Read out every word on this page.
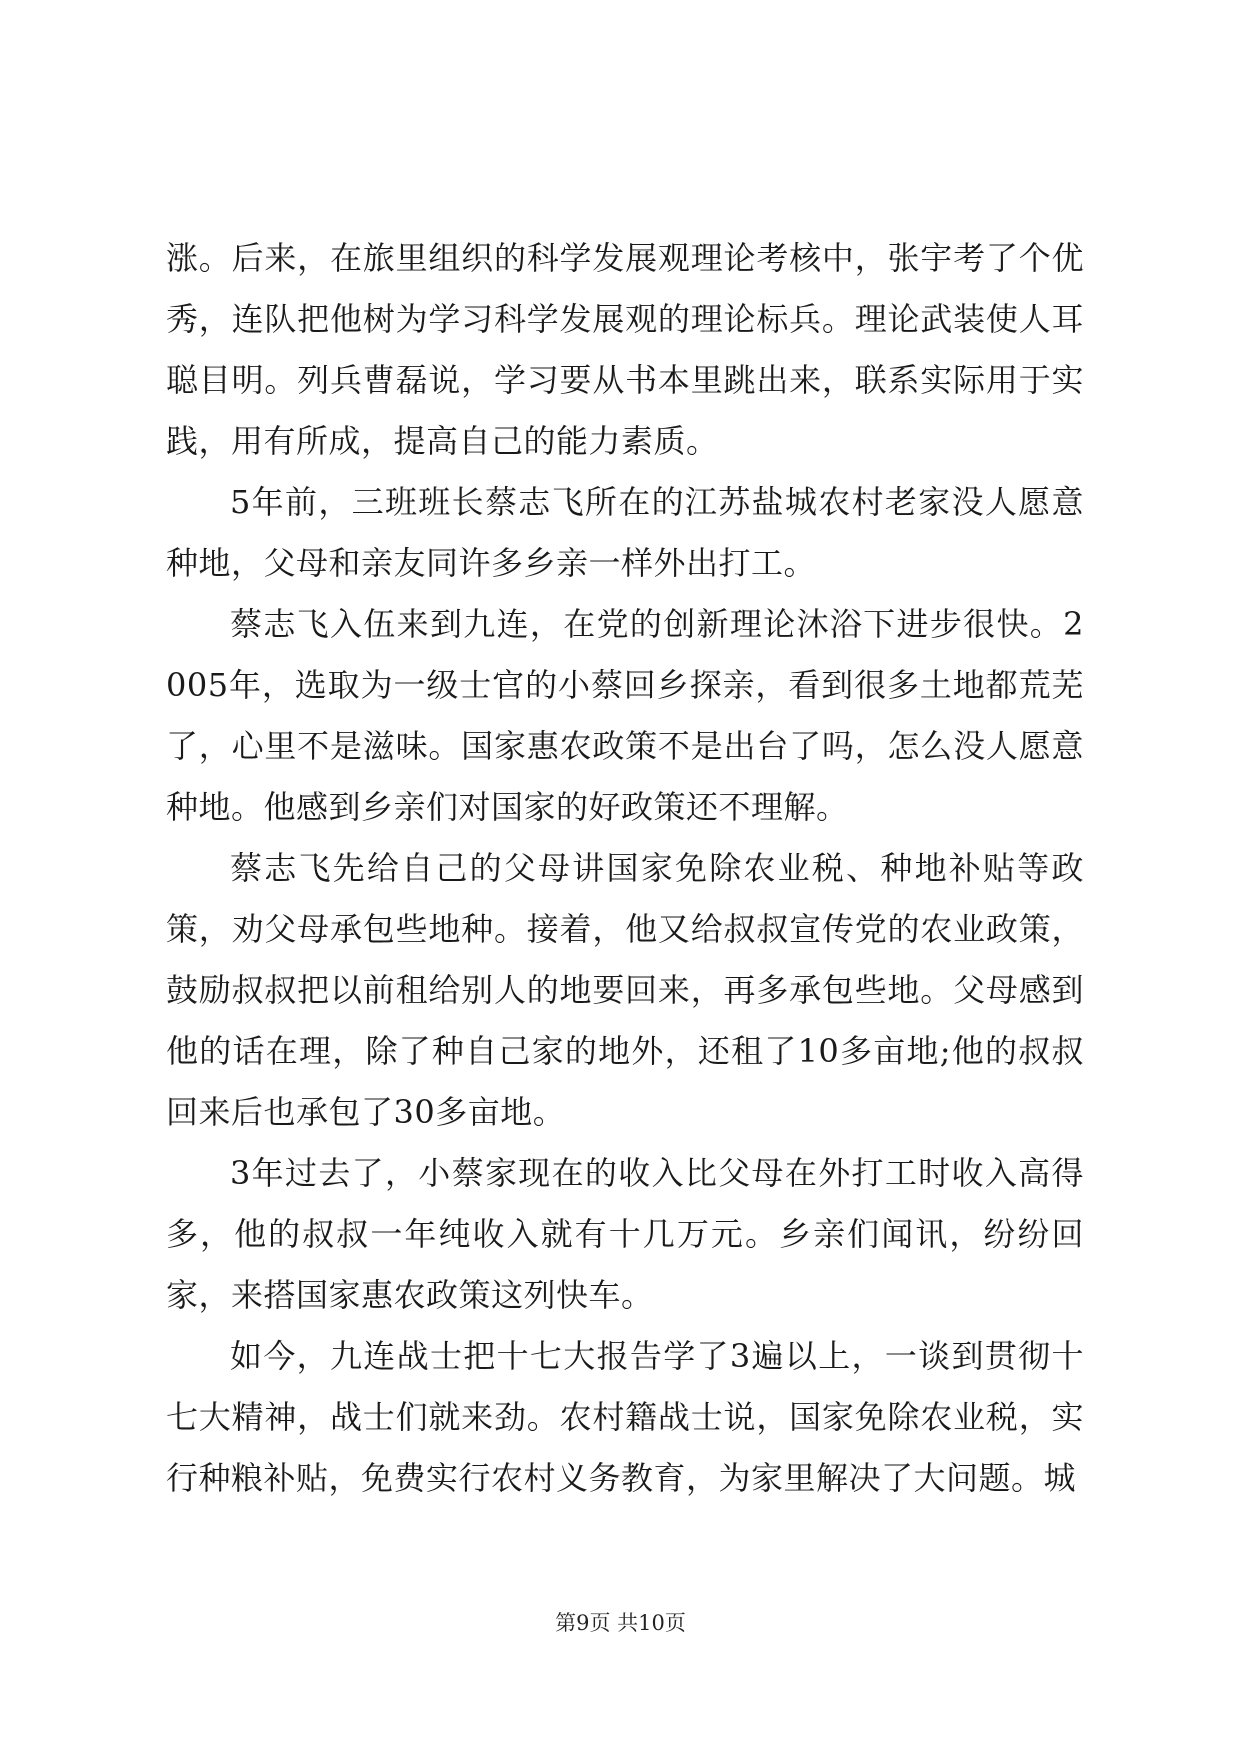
涨。后来，在旅里组织的科学发展观理论考核中，张宇考了个优秀，连队把他树为学习科学发展观的理论标兵。理论武装使人耳聪目明。列兵曹磊说，学习要从书本里跳出来，联系实际用于实践，用有所成，提高自己的能力素质。

5年前，三班班长蔡志飞所在的江苏盐城农村老家没人愿意种地，父母和亲友同许多乡亲一样外出打工。

蔡志飞入伍来到九连，在党的创新理论沐浴下进步很快。2005年，选取为一级士官的小蔡回乡探亲，看到很多土地都荒芜了，心里不是滋味。国家惠农政策不是出台了吗，怎么没人愿意种地。他感到乡亲们对国家的好政策还不理解。

蔡志飞先给自己的父母讲国家免除农业税、种地补贴等政策，劝父母承包些地种。接着，他又给叔叔宣传党的农业政策，鼓励叔叔把以前租给别人的地要回来，再多承包些地。父母感到他的话在理，除了种自己家的地外，还租了10多亩地;他的叔叔回来后也承包了30多亩地。

3年过去了，小蔡家现在的收入比父母在外打工时收入高得多，他的叔叔一年纯收入就有十几万元。乡亲们闻讯，纷纷回家，来搭国家惠农政策这列快车。

如今，九连战士把十七大报告学了3遍以上，一谈到贯彻十七大精神，战士们就来劲。农村籍战士说，国家免除农业税，实行种粮补贴，免费实行农村义务教育，为家里解决了大问题。城

第9页 共10页
